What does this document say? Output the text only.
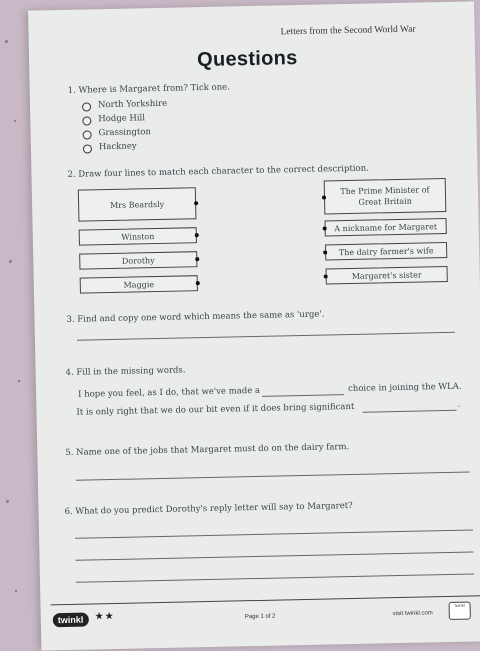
Letters from the Second World War
Questions
1. Where is Margaret from? Tick one.
North Yorkshire
Hodge Hill
Grassington
Hackney
2. Draw four lines to match each character to the correct description.
Mrs Beardsly
Winston
Dorothy
Maggie
The Prime Minister of Great Britain
A nickname for Margaret
The dairy farmer's wife
Margaret's sister
3. Find and copy one word which means the same as 'urge'.
4. Fill in the missing words.
I hope you feel, as I do, that we've made a	choice in joining the WLA.
It is only right that we do our bit even if it does bring significant	.
5. Name one of the jobs that Margaret must do on the dairy farm.
6. What do you predict Dorothy's reply letter will say to Margaret?
twinkl	★★	Page 1 of 2	visit twinkl.com
twinkl
